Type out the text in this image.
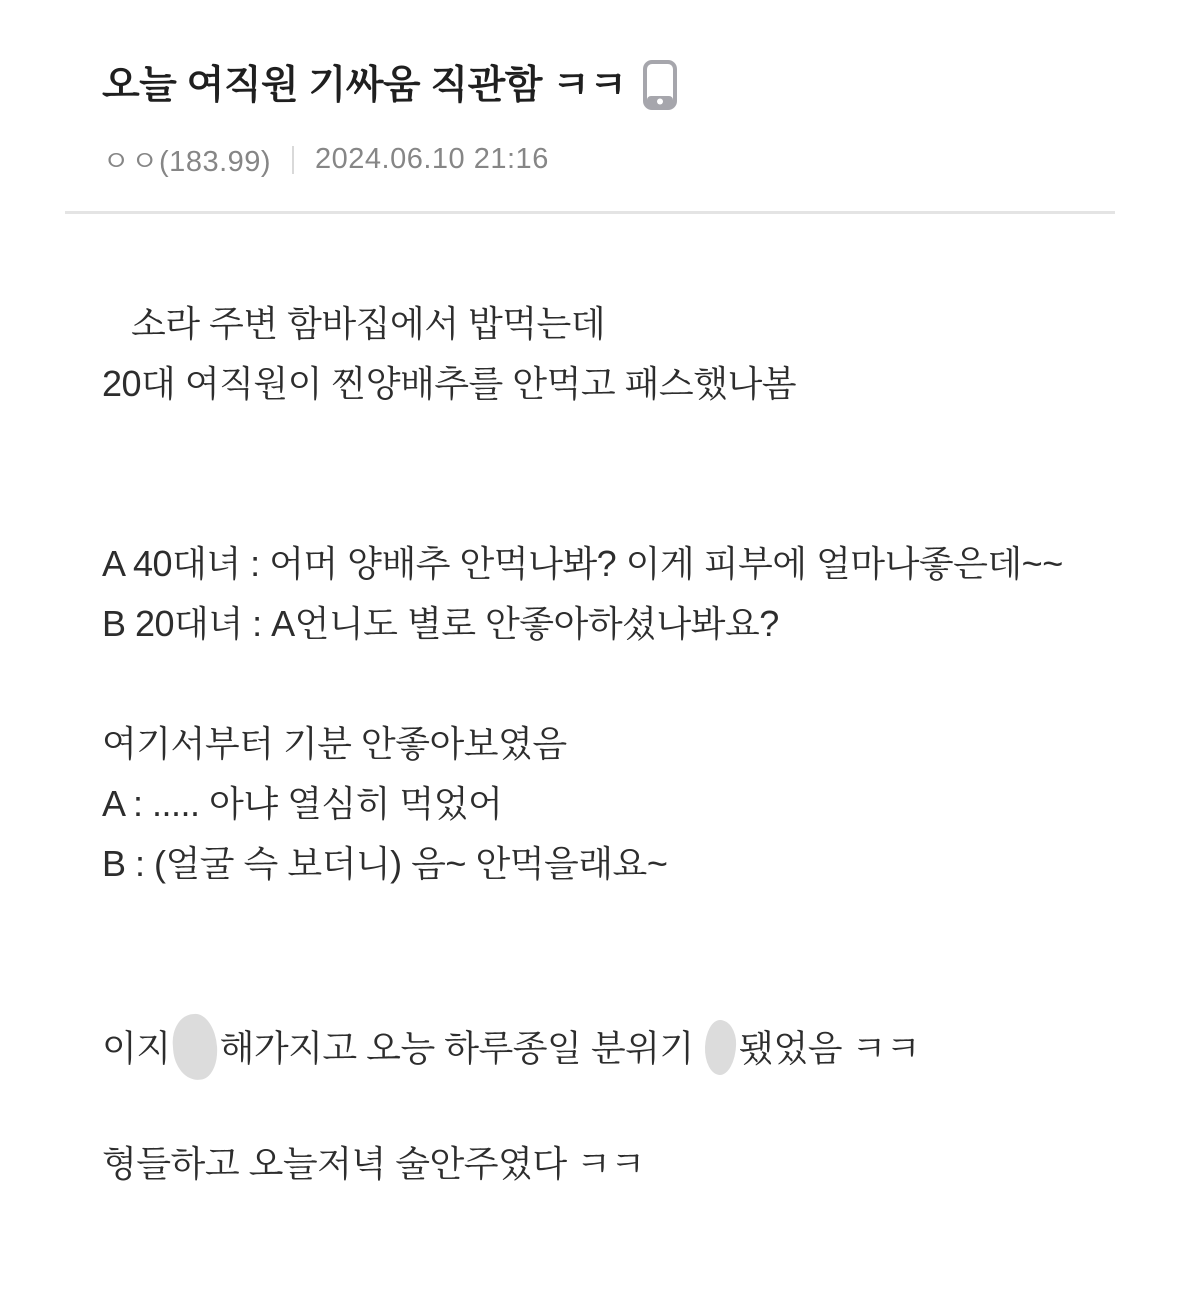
오늘 여직원 기싸움 직관함 ㅋㅋ
ㅇㅇ(183.99) 2024.06.10 21:16
소라 주변 함바집에서 밥먹는데
20대 여직원이 찐양배추를 안먹고 패스했나봄
A 40대녀 : 어머 양배추 안먹나봐? 이게 피부에 얼마나좋은데~~
B 20대녀 : A언니도 별로 안좋아하셨나봐요?
여기서부터 기분 안좋아보였음
A : ..... 아냐 열심히 먹었어
B : (얼굴 슥 보더니) 음~ 안먹을래요~
이지 해가지고 오능 하루종일 분위기 됐었음 ㅋㅋ
형들하고 오늘저녁 술안주였다 ㅋㅋ
